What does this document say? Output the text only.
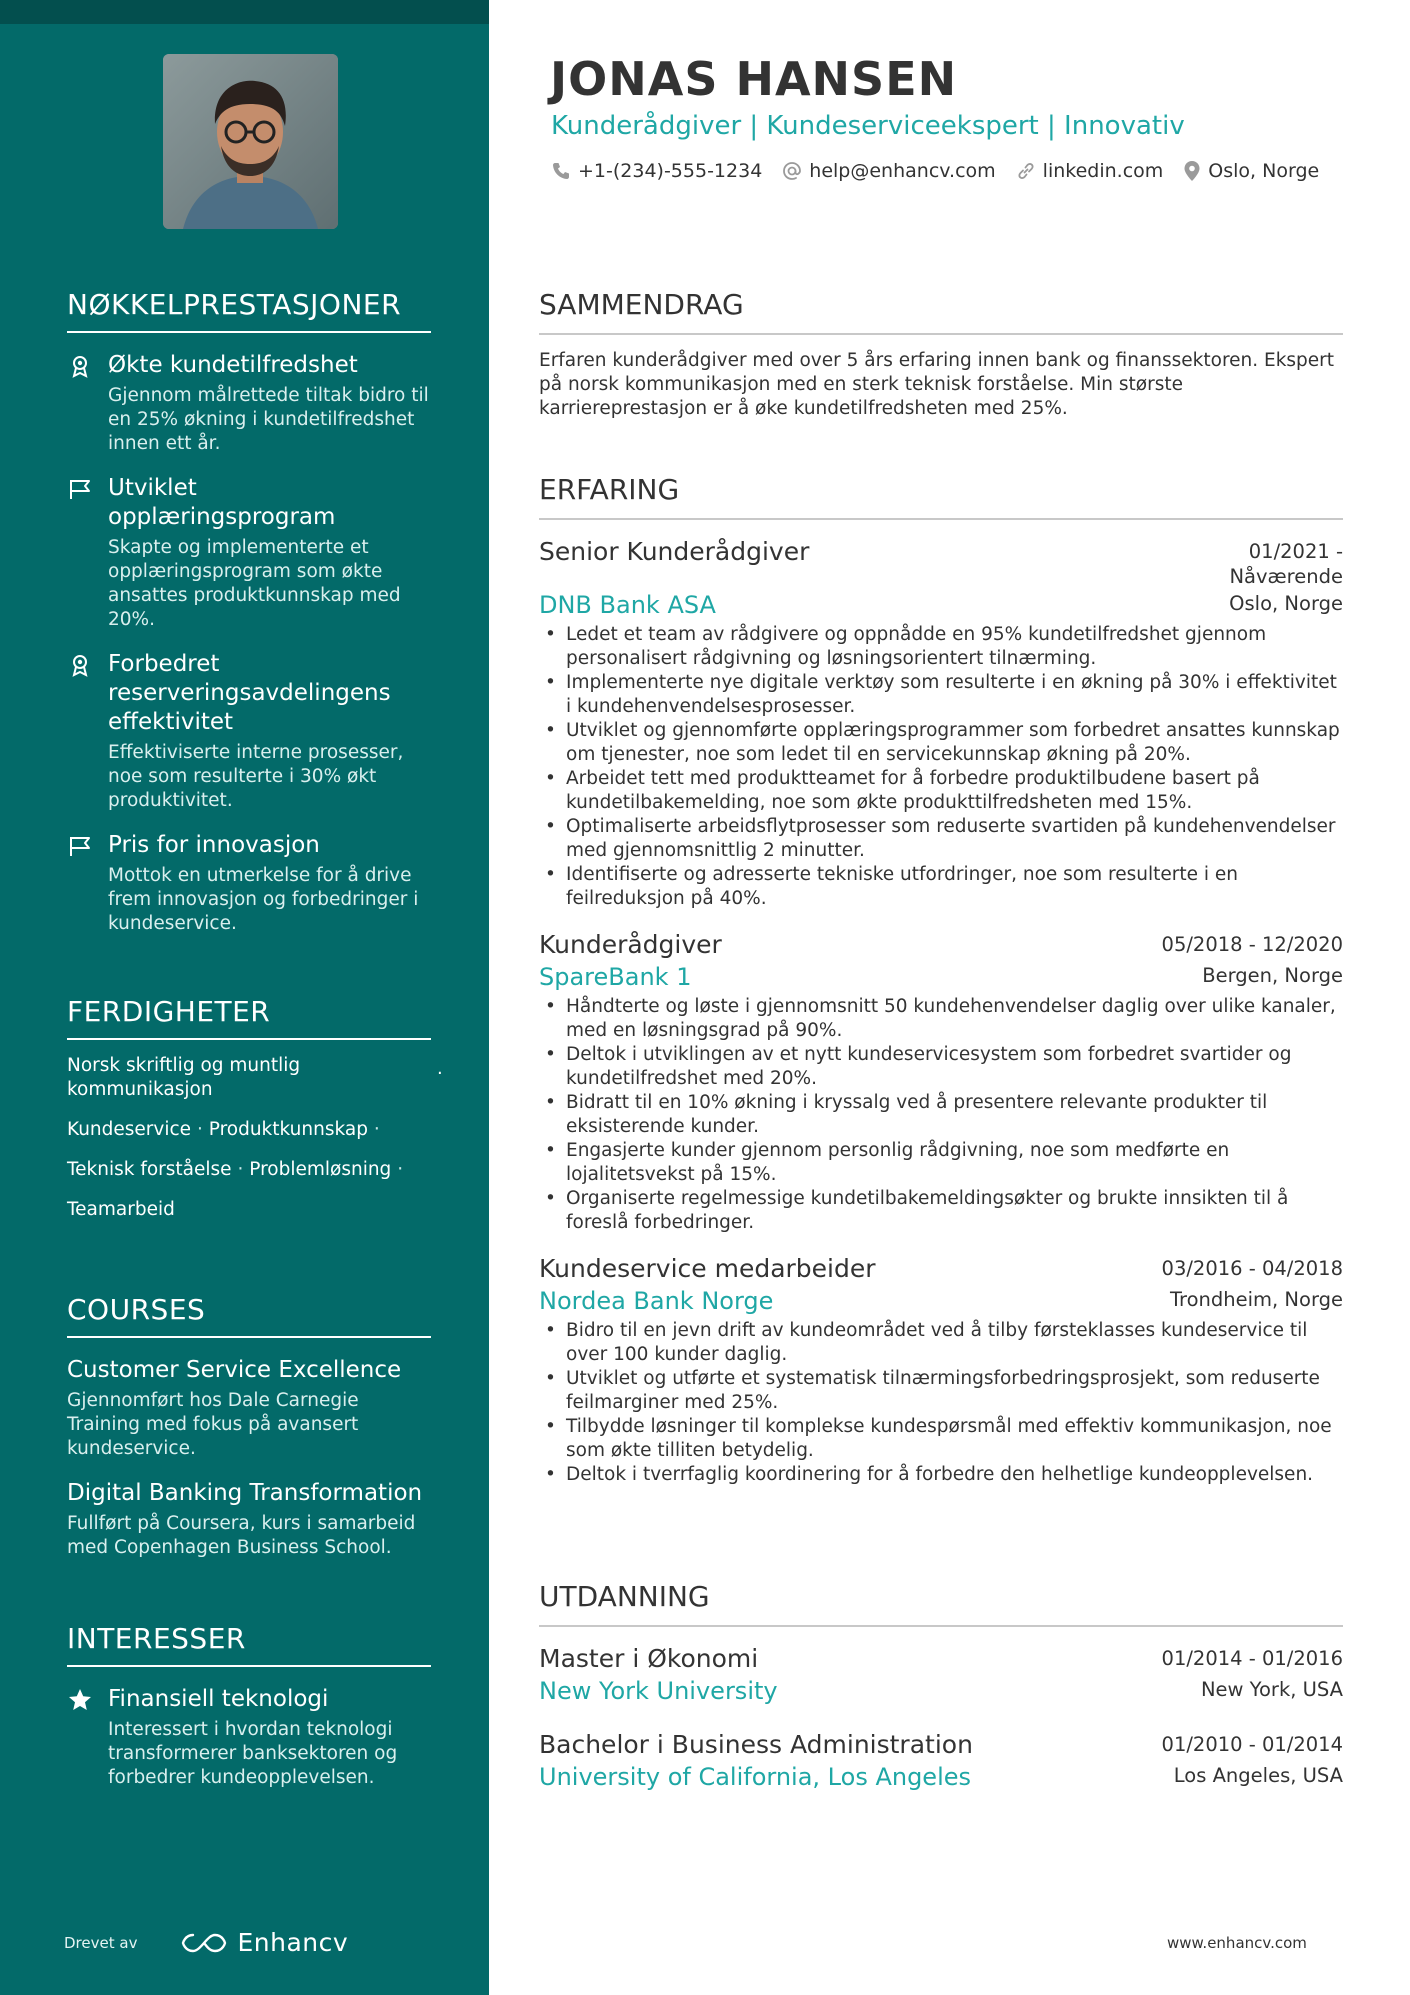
NØKKELPRESTASJONER
Økte kundetilfredshet
Gjennom målrettede tiltak bidro til en 25% økning i kundetilfredshet innen ett år.
Utviklet opplæringsprogram
Skapte og implementerte et opplæringsprogram som økte ansattes produktkunnskap med 20%.
Forbedret reserveringsavdelingens effektivitet
Effektiviserte interne prosesser, noe som resulterte i 30% økt produktivitet.
Pris for innovasjon
Mottok en utmerkelse for å drive frem innovasjon og forbedringer i kundeservice.
FERDIGHETER
Norsk skriftlig og muntlig kommunikasjon
·
Kundeservice · Produktkunnskap ·
Teknisk forståelse · Problemløsning ·
Teamarbeid
COURSES
Customer Service Excellence
Gjennomført hos Dale Carnegie Training med fokus på avansert kundeservice.
Digital Banking Transformation
Fullført på Coursera, kurs i samarbeid med Copenhagen Business School.
INTERESSER
Finansiell teknologi
Interessert i hvordan teknologi transformerer banksektoren og forbedrer kundeopplevelsen.
Drevet av	Enhancv
JONAS HANSEN
Kunderådgiver | Kundeserviceekspert | Innovativ
+1-(234)-555-1234 help@enhancv.com linkedin.com Oslo, Norge
SAMMENDRAG
Erfaren kunderådgiver med over 5 års erfaring innen bank og finanssektoren. Ekspert på norsk kommunikasjon med en sterk teknisk forståelse. Min største karriereprestasjon er å øke kundetilfredsheten med 25%.
ERFARING
Senior Kunderådgiver	01/2021 -
Nåværende
DNB Bank ASA	Oslo, Norge
• Ledet et team av rådgivere og oppnådde en 95% kundetilfredshet gjennom personalisert rådgivning og løsningsorientert tilnærming.
• Implementerte nye digitale verktøy som resulterte i en økning på 30% i effektivitet i kundehenvendelsesprosesser.
• Utviklet og gjennomførte opplæringsprogrammer som forbedret ansattes kunnskap om tjenester, noe som ledet til en servicekunnskap økning på 20%.
• Arbeidet tett med produktteamet for å forbedre produktilbudene basert på kundetilbakemelding, noe som økte produkttilfredsheten med 15%.
• Optimaliserte arbeidsflytprosesser som reduserte svartiden på kundehenvendelser med gjennomsnittlig 2 minutter.
• Identifiserte og adresserte tekniske utfordringer, noe som resulterte i en feilreduksjon på 40%.
Kunderådgiver	05/2018 - 12/2020
SpareBank 1	Bergen, Norge
• Håndterte og løste i gjennomsnitt 50 kundehenvendelser daglig over ulike kanaler, med en løsningsgrad på 90%.
• Deltok i utviklingen av et nytt kundeservicesystem som forbedret svartider og kundetilfredshet med 20%.
• Bidratt til en 10% økning i kryssalg ved å presentere relevante produkter til eksisterende kunder.
• Engasjerte kunder gjennom personlig rådgivning, noe som medførte en lojalitetsvekst på 15%.
• Organiserte regelmessige kundetilbakemeldingsøkter og brukte innsikten til å foreslå forbedringer.
Kundeservice medarbeider	03/2016 - 04/2018
Nordea Bank Norge	Trondheim, Norge
• Bidro til en jevn drift av kundeområdet ved å tilby førsteklasses kundeservice til over 100 kunder daglig.
• Utviklet og utførte et systematisk tilnærmingsforbedringsprosjekt, som reduserte feilmarginer med 25%.
• Tilbydde løsninger til komplekse kundespørsmål med effektiv kommunikasjon, noe som økte tilliten betydelig.
• Deltok i tverrfaglig koordinering for å forbedre den helhetlige kundeopplevelsen.
UTDANNING
Master i Økonomi	01/2014 - 01/2016
New York University	New York, USA
Bachelor i Business Administration	01/2010 - 01/2014
University of California, Los Angeles	Los Angeles, USA
www.enhancv.com
